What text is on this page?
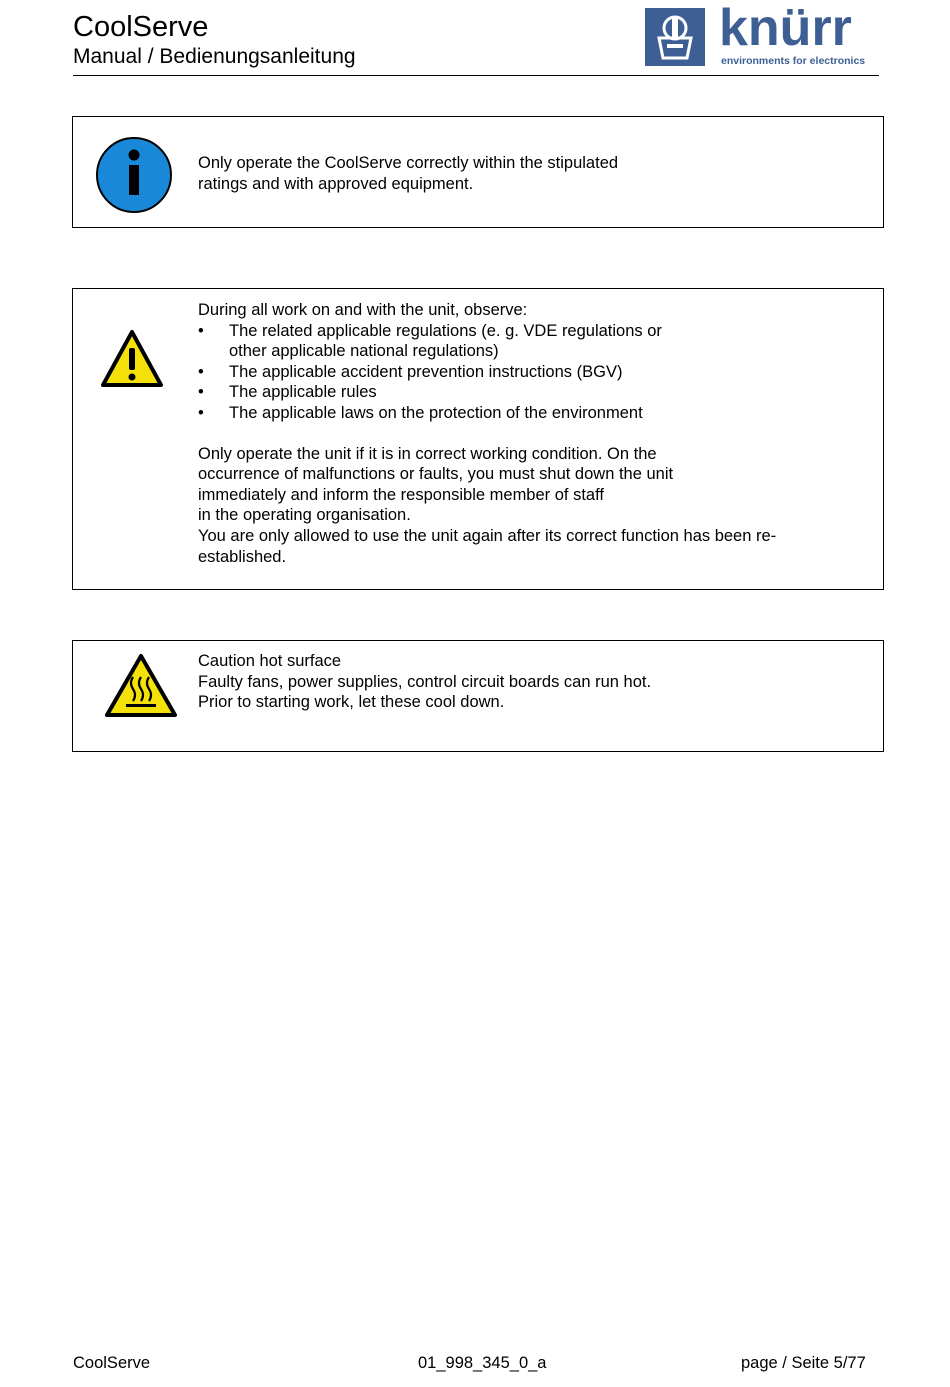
CoolServe
Manual / Bedienungsanleitung	knürr
environments for electronics
Only operate the CoolServe correctly within the stipulated
ratings and with approved equipment.
During all work on and with the unit, observe:
• The related applicable regulations (e. g. VDE regulations or
other applicable national regulations)
• The applicable accident prevention instructions (BGV)
• The applicable rules
• The applicable laws on the protection of the environment
Only operate the unit if it is in correct working condition. On the
occurrence of malfunctions or faults, you must shut down the unit
immediately and inform the responsible member of staff
in the operating organisation.
You are only allowed to use the unit again after its correct function has been re-
established.
Caution hot surface
Faulty fans, power supplies, control circuit boards can run hot.
Prior to starting work, let these cool down.
CoolServe	01_998_345_0_a	page / Seite 5/77
